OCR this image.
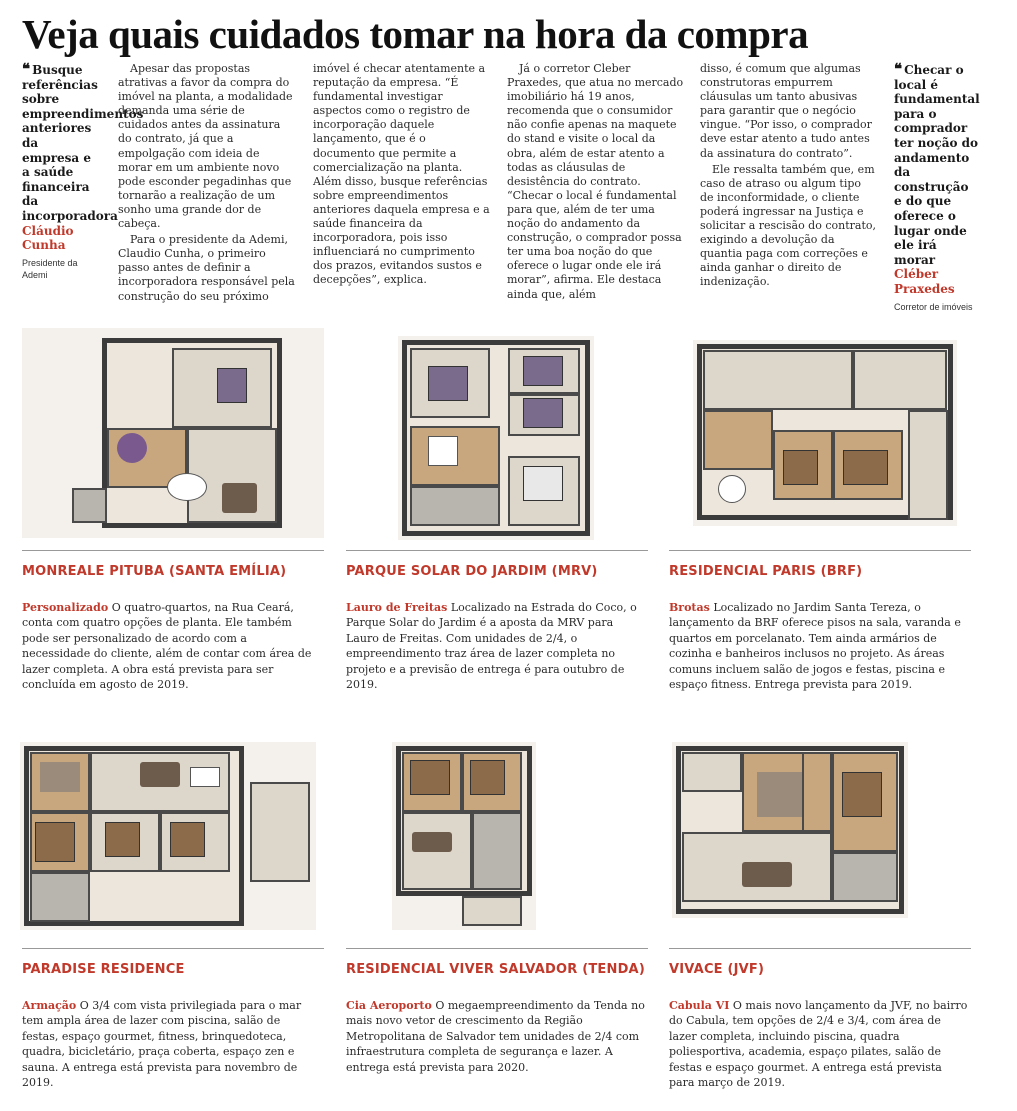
Veja quais cuidados tomar na hora da compra
❝ Busque referências sobre empreendimentos anteriores da empresa e a saúde financeira da incorporadora
Cláudio Cunha
Presidente da Ademi

Apesar das propostas atrativas a favor da compra do imóvel na planta, a modalidade demanda uma série de cuidados antes da assinatura do contrato, já que a empolgação com ideia de morar em um ambiente novo pode esconder pegadinhas que tornarão a realização de um sonho uma grande dor de cabeça.

Para o presidente da Ademi, Claudio Cunha, o primeiro passo antes de definir a incorporadora responsável pela construção do seu próximo

imóvel é checar atentamente a reputação da empresa. “É fundamental investigar aspectos como o registro de incorporação daquele lançamento, que é o documento que permite a comercialização na planta. Além disso, busque referências sobre empreendimentos anteriores daquela empresa e a saúde financeira da incorporadora, pois isso influenciará no cumprimento dos prazos, evitandos sustos e decepções”, explica.

Já o corretor Cleber Praxedes, que atua no mercado imobiliário há 19 anos, recomenda que o consumidor não confie apenas na maquete do stand e visite o local da obra, além de estar atento a todas as cláusulas de desistência do contrato. “Checar o local é fundamental para que, além de ter uma noção do andamento da construção, o comprador possa ter uma boa noção do que oferece o lugar onde ele irá morar”, afirma. Ele destaca ainda que, além

disso, é comum que algumas construtoras empurrem cláusulas um tanto abusivas para garantir que o negócio vingue. “Por isso, o comprador deve estar atento a tudo antes da assinatura do contrato”.

Ele ressalta também que, em caso de atraso ou algum tipo de inconformidade, o cliente poderá ingressar na Justiça e solicitar a rescisão do contrato, exigindo a devolução da quantia paga com correções e ainda ganhar o direito de indenização.

❝ Checar o local é fundamental para o comprador ter noção do andamento da construção e do que oferece o lugar onde ele irá morar
Cléber Praxedes
Corretor de imóveis
MONREALE PITUBA (SANTA EMÍLIA)	PARQUE SOLAR DO JARDIM (MRV)	RESIDENCIAL PARIS (BRF)
Personalizado O quatro-quartos, na Rua Ceará, conta com quatro opções de planta. Ele também pode ser personalizado de acordo com a necessidade do cliente, além de contar com área de lazer completa. A obra está prevista para ser concluída em agosto de 2019.
Lauro de Freitas Localizado na Estrada do Coco, o Parque Solar do Jardim é a aposta da MRV para Lauro de Freitas. Com unidades de 2/4, o empreendimento traz área de lazer completa no projeto e a previsão de entrega é para outubro de 2019.
Brotas Localizado no Jardim Santa Tereza, o lançamento da BRF oferece pisos na sala, varanda e quartos em porcelanato. Tem ainda armários de cozinha e banheiros inclusos no projeto. As áreas comuns incluem salão de jogos e festas, piscina e espaço fitness. Entrega prevista para 2019.
PARADISE RESIDENCE	RESIDENCIAL VIVER SALVADOR (TENDA) VIVACE (JVF)
Armação O 3/4 com vista privilegiada para o mar tem ampla área de lazer com piscina, salão de festas, espaço gourmet, fitness, brinquedoteca, quadra, bicicletário, praça coberta, espaço zen e sauna. A entrega está prevista para novembro de 2019.
Cia Aeroporto O megaempreendimento da Tenda no mais novo vetor de crescimento da Região Metropolitana de Salvador tem unidades de 2/4 com infraestrutura completa de segurança e lazer. A entrega está prevista para 2020.
Cabula VI O mais novo lançamento da JVF, no bairro do Cabula, tem opções de 2/4 e 3/4, com área de lazer completa, incluindo piscina, quadra poliesportiva, academia, espaço pilates, salão de festas e espaço gourmet. A entrega está prevista para março de 2019.
